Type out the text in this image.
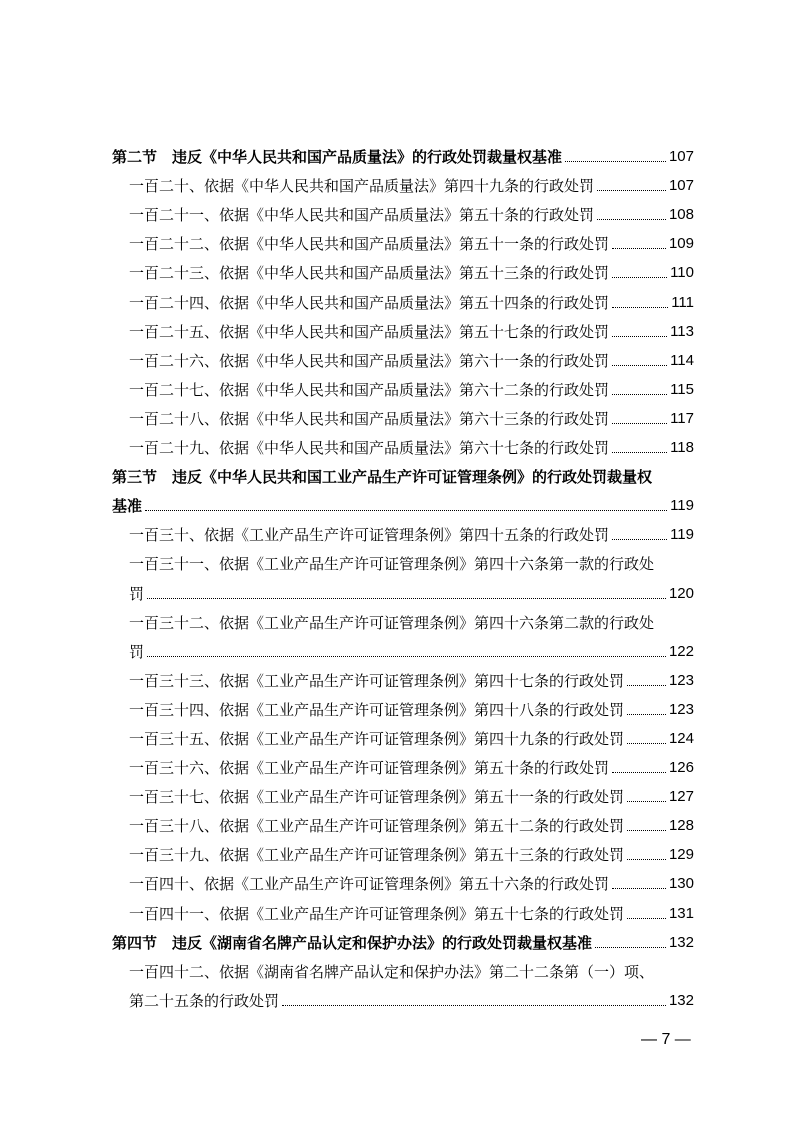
第二节　违反《中华人民共和国产品质量法》的行政处罚裁量权基准	107
一百二十、依据《中华人民共和国产品质量法》第四十九条的行政处罚	107
一百二十一、依据《中华人民共和国产品质量法》第五十条的行政处罚	108
一百二十二、依据《中华人民共和国产品质量法》第五十一条的行政处罚	109
一百二十三、依据《中华人民共和国产品质量法》第五十三条的行政处罚	110
一百二十四、依据《中华人民共和国产品质量法》第五十四条的行政处罚	111
一百二十五、依据《中华人民共和国产品质量法》第五十七条的行政处罚	113
一百二十六、依据《中华人民共和国产品质量法》第六十一条的行政处罚	114
一百二十七、依据《中华人民共和国产品质量法》第六十二条的行政处罚	115
一百二十八、依据《中华人民共和国产品质量法》第六十三条的行政处罚	117
一百二十九、依据《中华人民共和国产品质量法》第六十七条的行政处罚	118
第三节　违反《中华人民共和国工业产品生产许可证管理条例》的行政处罚裁量权
基准	119
一百三十、依据《工业产品生产许可证管理条例》第四十五条的行政处罚	119
一百三十一、依据《工业产品生产许可证管理条例》第四十六条第一款的行政处
罚	120
一百三十二、依据《工业产品生产许可证管理条例》第四十六条第二款的行政处
罚	122
一百三十三、依据《工业产品生产许可证管理条例》第四十七条的行政处罚	123
一百三十四、依据《工业产品生产许可证管理条例》第四十八条的行政处罚	123
一百三十五、依据《工业产品生产许可证管理条例》第四十九条的行政处罚	124
一百三十六、依据《工业产品生产许可证管理条例》第五十条的行政处罚	126
一百三十七、依据《工业产品生产许可证管理条例》第五十一条的行政处罚	127
一百三十八、依据《工业产品生产许可证管理条例》第五十二条的行政处罚	128
一百三十九、依据《工业产品生产许可证管理条例》第五十三条的行政处罚	129
一百四十、依据《工业产品生产许可证管理条例》第五十六条的行政处罚	130
一百四十一、依据《工业产品生产许可证管理条例》第五十七条的行政处罚	131
第四节　违反《湖南省名牌产品认定和保护办法》的行政处罚裁量权基准	132
一百四十二、依据《湖南省名牌产品认定和保护办法》第二十二条第（一）项、
第二十五条的行政处罚	132
— 7 —
